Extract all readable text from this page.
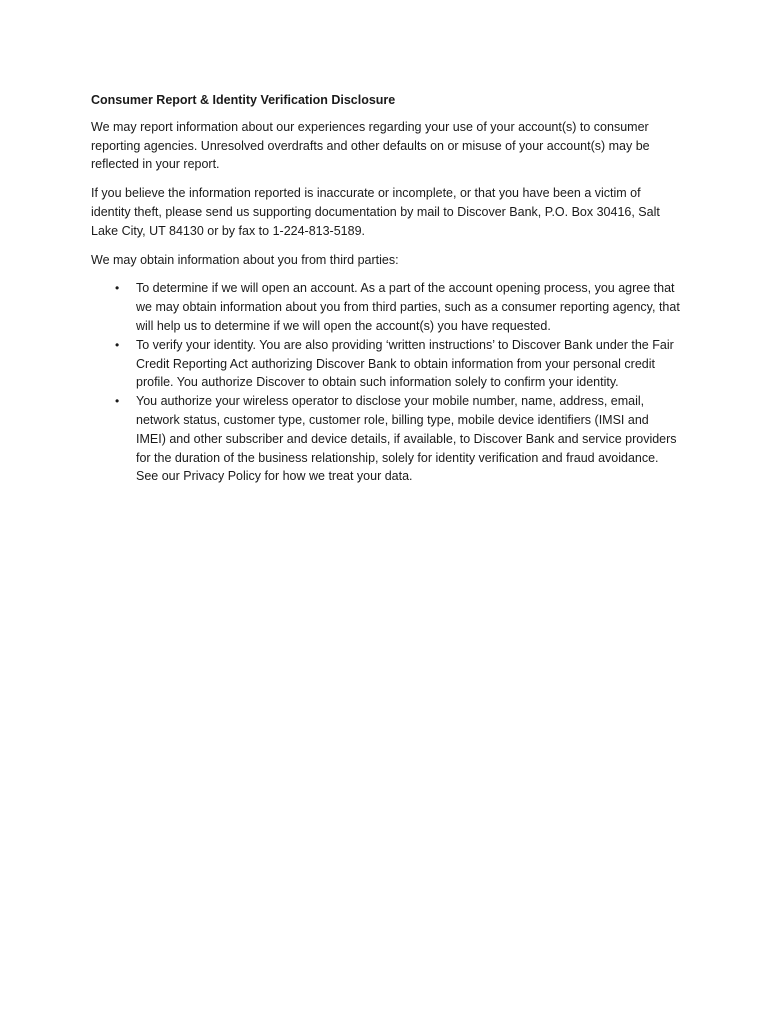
Consumer Report & Identity Verification Disclosure

We may report information about our experiences regarding your use of your account(s) to consumer reporting agencies. Unresolved overdrafts and other defaults on or misuse of your account(s) may be reflected in your report.

If you believe the information reported is inaccurate or incomplete, or that you have been a victim of identity theft, please send us supporting documentation by mail to Discover Bank, P.O. Box 30416, Salt Lake City, UT 84130 or by fax to 1-224-813-5189.

We may obtain information about you from third parties:

• To determine if we will open an account. As a part of the account opening process, you agree that we may obtain information about you from third parties, such as a consumer reporting agency, that will help us to determine if we will open the account(s) you have requested.
• To verify your identity. You are also providing ‘written instructions’ to Discover Bank under the Fair Credit Reporting Act authorizing Discover Bank to obtain information from your personal credit profile. You authorize Discover to obtain such information solely to confirm your identity.
• You authorize your wireless operator to disclose your mobile number, name, address, email, network status, customer type, customer role, billing type, mobile device identifiers (IMSI and IMEI) and other subscriber and device details, if available, to Discover Bank and service providers for the duration of the business relationship, solely for identity verification and fraud avoidance. See our Privacy Policy for how we treat your data.
